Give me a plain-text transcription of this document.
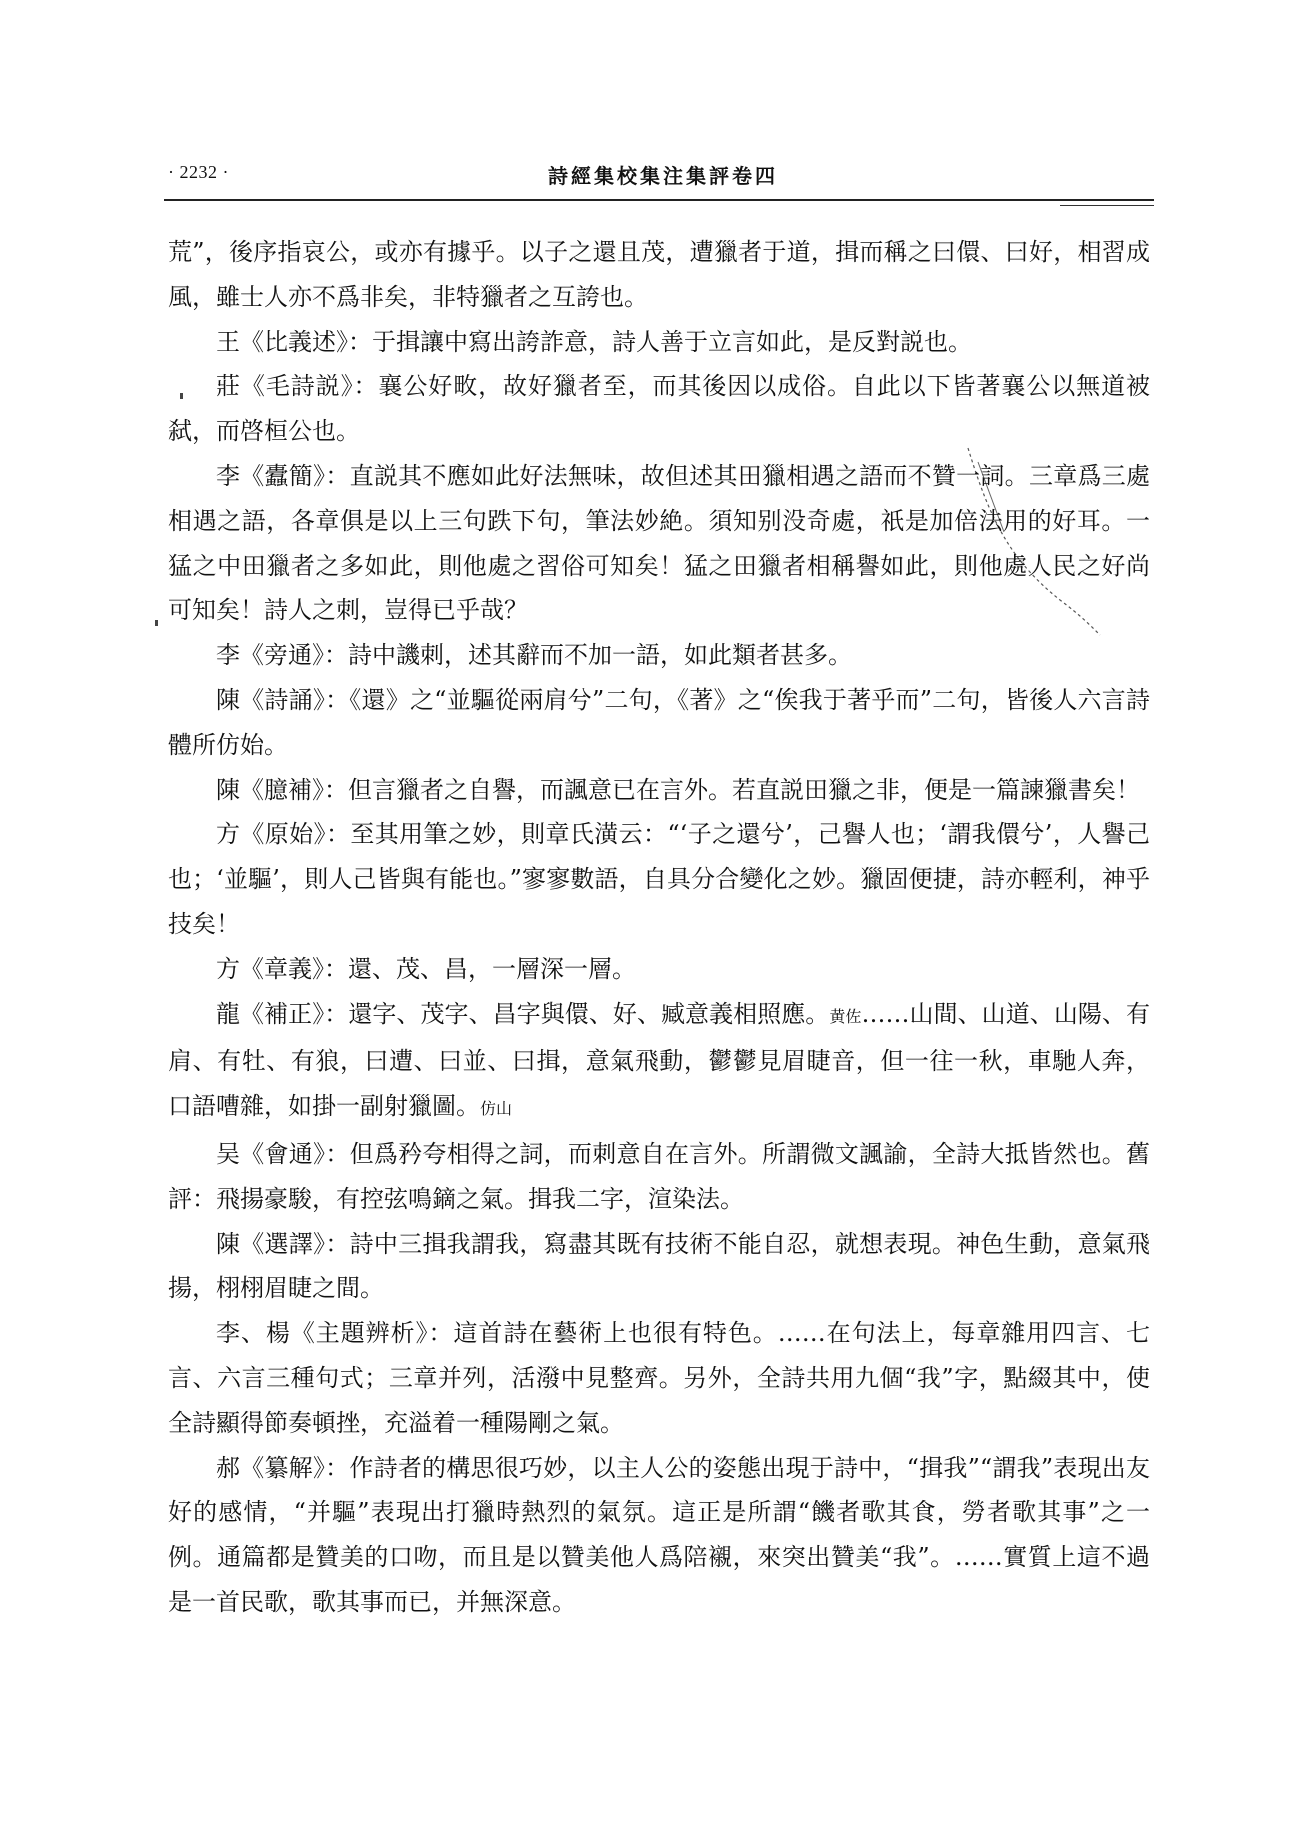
· 2232 ·	詩經集校集注集評卷四

荒”，後序指哀公，或亦有據乎。以子之還且茂，遭獵者于道，揖而稱之曰儇、曰好，相習成風，雖士人亦不爲非矣，非特獵者之互誇也。

王《比義述》：于揖讓中寫出誇詐意，詩人善于立言如此，是反對説也。

莊《毛詩説》：襄公好畋，故好獵者至，而其後因以成俗。自此以下皆著襄公以無道被弑，而啓桓公也。

李《蠹簡》：直説其不應如此好法無味，故但述其田獵相遇之語而不贊一詞。三章爲三處相遇之語，各章俱是以上三句跌下句，筆法妙絶。須知别没奇處，祇是加倍法用的好耳。一猛之中田獵者之多如此，則他處之習俗可知矣！猛之田獵者相稱譽如此，則他處人民之好尚可知矣！詩人之刺，豈得已乎哉？

李《旁通》：詩中譏刺，述其辭而不加一語，如此類者甚多。

陳《詩誦》：《還》之“並驅從兩肩兮”二句，《著》之“俟我于著乎而”二句，皆後人六言詩體所仿始。

陳《臆補》：但言獵者之自譽，而諷意已在言外。若直説田獵之非，便是一篇諫獵書矣！

方《原始》：至其用筆之妙，則章氏潢云：“‘子之還兮’，己譽人也；‘謂我儇兮’，人譽己也；‘並驅’，則人己皆與有能也。”寥寥數語，自具分合變化之妙。獵固便捷，詩亦輕利，神乎技矣！

方《章義》：還、茂、昌，一層深一層。

龍《補正》：還字、茂字、昌字與儇、好、臧意義相照應。黄佐……山間、山道、山陽、有肩、有牡、有狼，曰遭、曰並、曰揖，意氣飛動，鬱鬱見眉睫音，但一往一秋，車馳人奔，口語嘈雜，如掛一副射獵圖。仿山

吴《會通》：但爲矜夸相得之詞，而刺意自在言外。所謂微文諷諭，全詩大抵皆然也。舊評：飛揚豪駿，有控弦鳴鏑之氣。揖我二字，渲染法。

陳《選譯》：詩中三揖我謂我，寫盡其既有技術不能自忍，就想表現。神色生動，意氣飛揚，栩栩眉睫之間。

李、楊《主題辨析》：這首詩在藝術上也很有特色。……在句法上，每章雜用四言、七言、六言三種句式；三章并列，活潑中見整齊。另外，全詩共用九個“我”字，點綴其中，使全詩顯得節奏頓挫，充溢着一種陽剛之氣。

郝《纂解》：作詩者的構思很巧妙，以主人公的姿態出現于詩中，“揖我”“謂我”表現出友好的感情，“并驅”表現出打獵時熱烈的氣氛。這正是所謂“饑者歌其食，勞者歌其事”之一例。通篇都是贊美的口吻，而且是以贊美他人爲陪襯，來突出贊美“我”。……實質上這不過是一首民歌，歌其事而已，并無深意。
